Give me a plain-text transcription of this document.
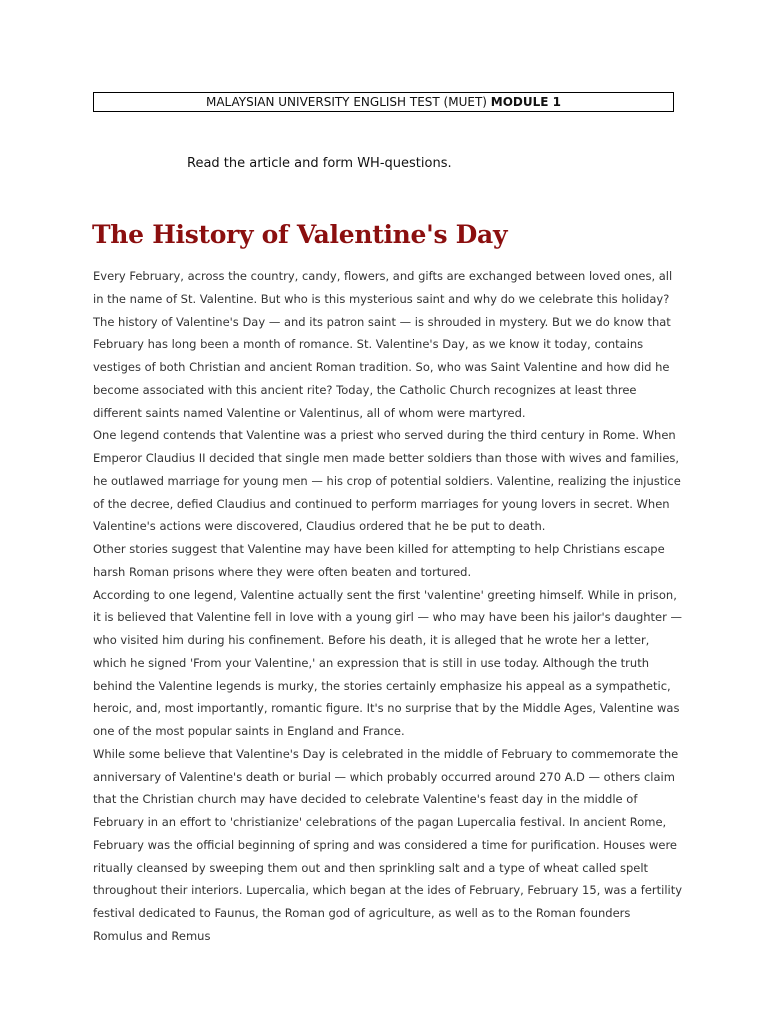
MALAYSIAN UNIVERSITY ENGLISH TEST (MUET) MODULE 1
Read the article and form WH-questions.
The History of Valentine's Day

Every February, across the country, candy, flowers, and gifts are exchanged between loved ones, all in the name of St. Valentine. But who is this mysterious saint and why do we celebrate this holiday? The history of Valentine's Day — and its patron saint — is shrouded in mystery. But we do know that February has long been a month of romance. St. Valentine's Day, as we know it today, contains vestiges of both Christian and ancient Roman tradition. So, who was Saint Valentine and how did he become associated with this ancient rite? Today, the Catholic Church recognizes at least three different saints named Valentine or Valentinus, all of whom were martyred.

One legend contends that Valentine was a priest who served during the third century in Rome. When Emperor Claudius II decided that single men made better soldiers than those with wives and families, he outlawed marriage for young men — his crop of potential soldiers. Valentine, realizing the injustice of the decree, defied Claudius and continued to perform marriages for young lovers in secret. When Valentine's actions were discovered, Claudius ordered that he be put to death.

Other stories suggest that Valentine may have been killed for attempting to help Christians escape harsh Roman prisons where they were often beaten and tortured.

According to one legend, Valentine actually sent the first 'valentine' greeting himself. While in prison, it is believed that Valentine fell in love with a young girl — who may have been his jailor's daughter — who visited him during his confinement. Before his death, it is alleged that he wrote her a letter, which he signed 'From your Valentine,' an expression that is still in use today. Although the truth behind the Valentine legends is murky, the stories certainly emphasize his appeal as a sympathetic, heroic, and, most importantly, romantic figure. It's no surprise that by the Middle Ages, Valentine was one of the most popular saints in England and France.

While some believe that Valentine's Day is celebrated in the middle of February to commemorate the anniversary of Valentine's death or burial — which probably occurred around 270 A.D — others claim that the Christian church may have decided to celebrate Valentine's feast day in the middle of February in an effort to 'christianize' celebrations of the pagan Lupercalia festival. In ancient Rome, February was the official beginning of spring and was considered a time for purification. Houses were ritually cleansed by sweeping them out and then sprinkling salt and a type of wheat called spelt throughout their interiors. Lupercalia, which began at the ides of February, February 15, was a fertility festival dedicated to Faunus, the Roman god of agriculture, as well as to the Roman founders Romulus and Remus
